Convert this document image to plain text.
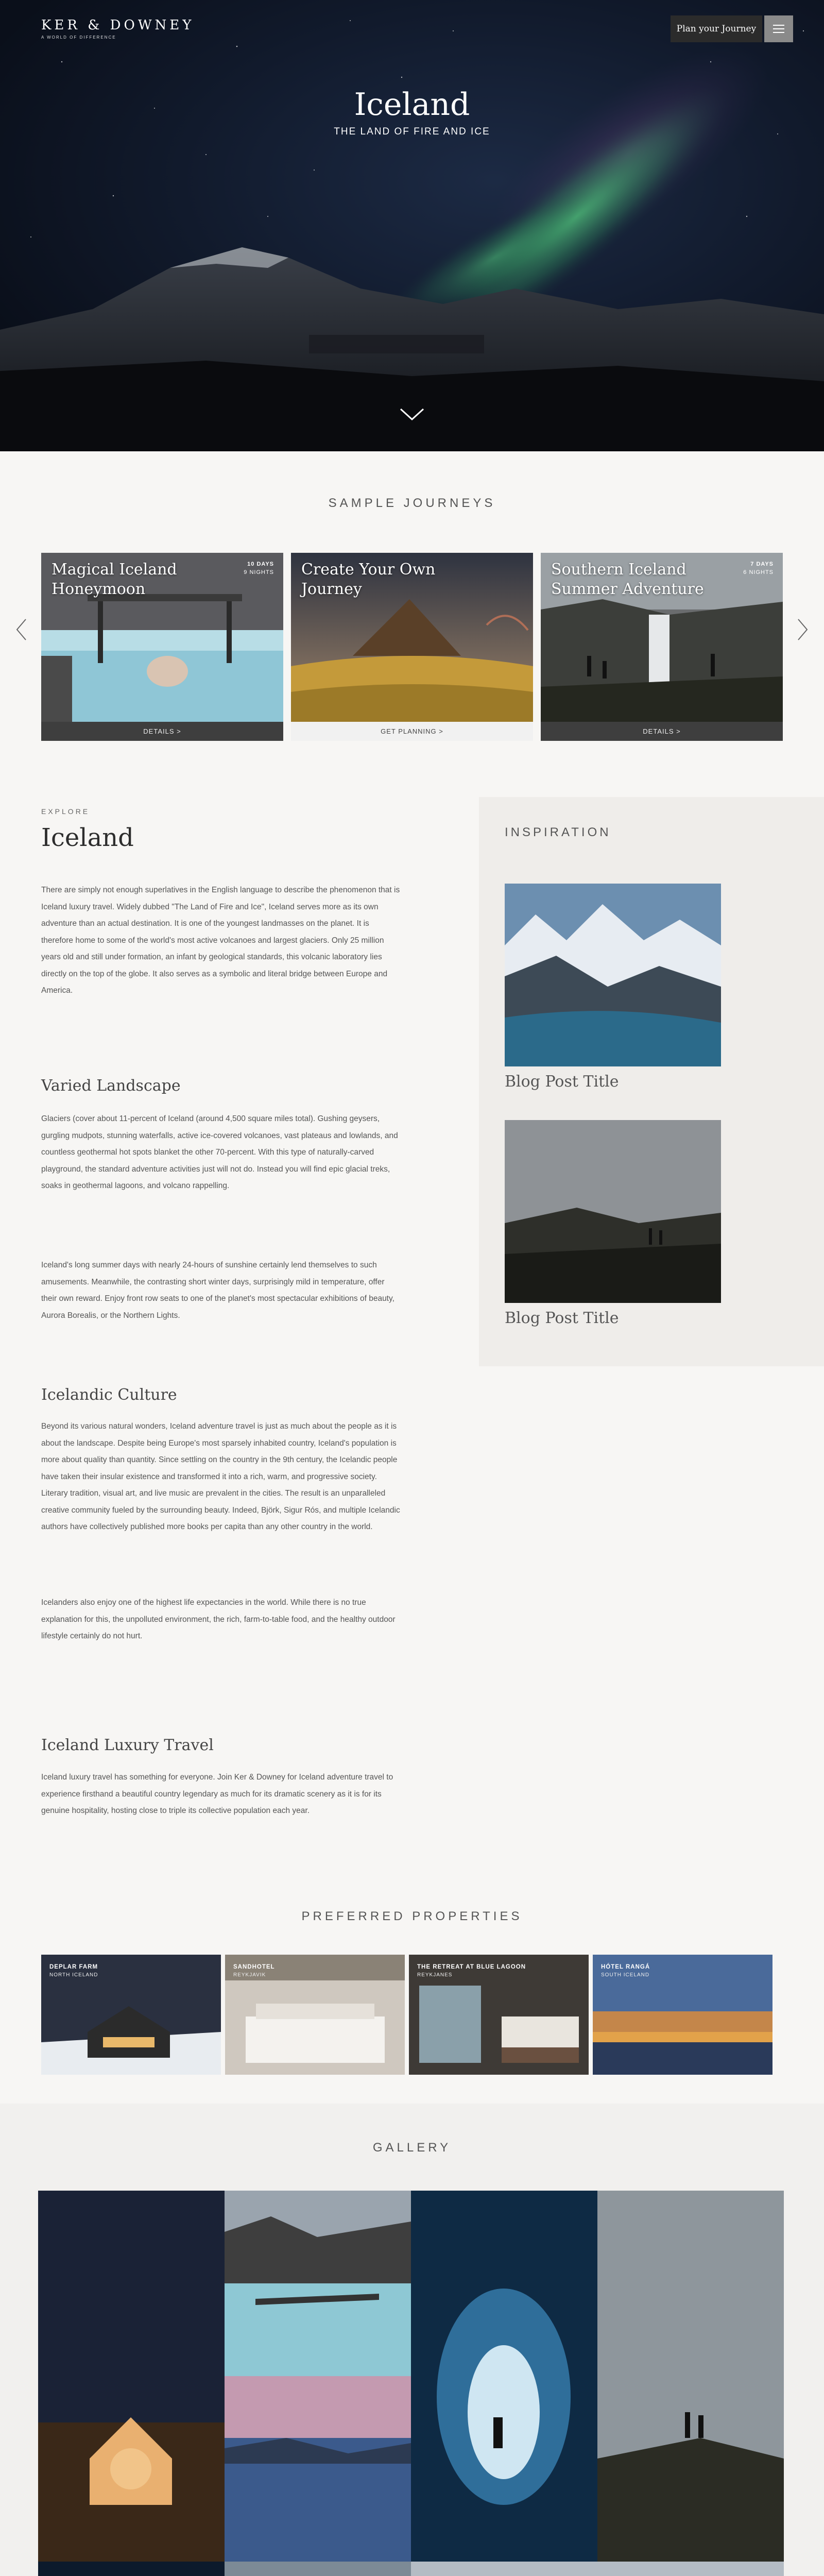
KER & DOWNEY
A WORLD OF DIFFERENCE
Plan your Journey
Iceland
THE LAND OF FIRE AND ICE
SAMPLE JOURNEYS
Magical Iceland Honeymoon
10 DAYS
9 NIGHTS
DETAILS >
Create Your Own Journey
GET PLANNING >
Southern Iceland Summer Adventure
7 DAYS
6 NIGHTS
DETAILS >
EXPLORE
Iceland
There are simply not enough superlatives in the English language to describe the phenomenon that is Iceland luxury travel. Widely dubbed "The Land of Fire and Ice", Iceland serves more as its own adventure than an actual destination. It is one of the youngest landmasses on the planet. It is therefore home to some of the world's most active volcanoes and largest glaciers. Only 25 million years old and still under formation, an infant by geological standards, this volcanic laboratory lies directly on the top of the globe. It also serves as a symbolic and literal bridge between Europe and America.
Varied Landscape
Glaciers (cover about 11-percent of Iceland (around 4,500 square miles total). Gushing geysers, gurgling mudpots, stunning waterfalls, active ice-covered volcanoes, vast plateaus and lowlands, and countless geothermal hot spots blanket the other 70-percent. With this type of naturally-carved playground, the standard adventure activities just will not do. Instead you will find epic glacial treks, soaks in geothermal lagoons, and volcano rappelling.
Iceland's long summer days with nearly 24-hours of sunshine certainly lend themselves to such amusements. Meanwhile, the contrasting short winter days, surprisingly mild in temperature, offer their own reward. Enjoy front row seats to one of the planet's most spectacular exhibitions of beauty, Aurora Borealis, or the Northern Lights.
Icelandic Culture
Beyond its various natural wonders, Iceland adventure travel is just as much about the people as it is about the landscape. Despite being Europe's most sparsely inhabited country, Iceland's population is more about quality than quantity. Since settling on the country in the 9th century, the Icelandic people have taken their insular existence and transformed it into a rich, warm, and progressive society. Literary tradition, visual art, and live music are prevalent in the cities. The result is an unparalleled creative community fueled by the surrounding beauty. Indeed, Björk, Sigur Rós, and multiple Icelandic authors have collectively published more books per capita than any other country in the world.
Icelanders also enjoy one of the highest life expectancies in the world. While there is no true explanation for this, the unpolluted environment, the rich, farm-to-table food, and the healthy outdoor lifestyle certainly do not hurt.
Iceland Luxury Travel
Iceland luxury travel has something for everyone. Join Ker & Downey for Iceland adventure travel to experience firsthand a beautiful country legendary as much for its dramatic scenery as it is for its genuine hospitality, hosting close to triple its collective population each year.
INSPIRATION
Blog Post Title
Blog Post Title
PREFERRED PROPERTIES
DEPLAR FARM
NORTH ICELAND
SANDHOTEL
REYKJAVIK
THE RETREAT AT BLUE LAGOON
REYKJANES
HÓTEL RANGÁ
SOUTH ICELAND
GALLERY
